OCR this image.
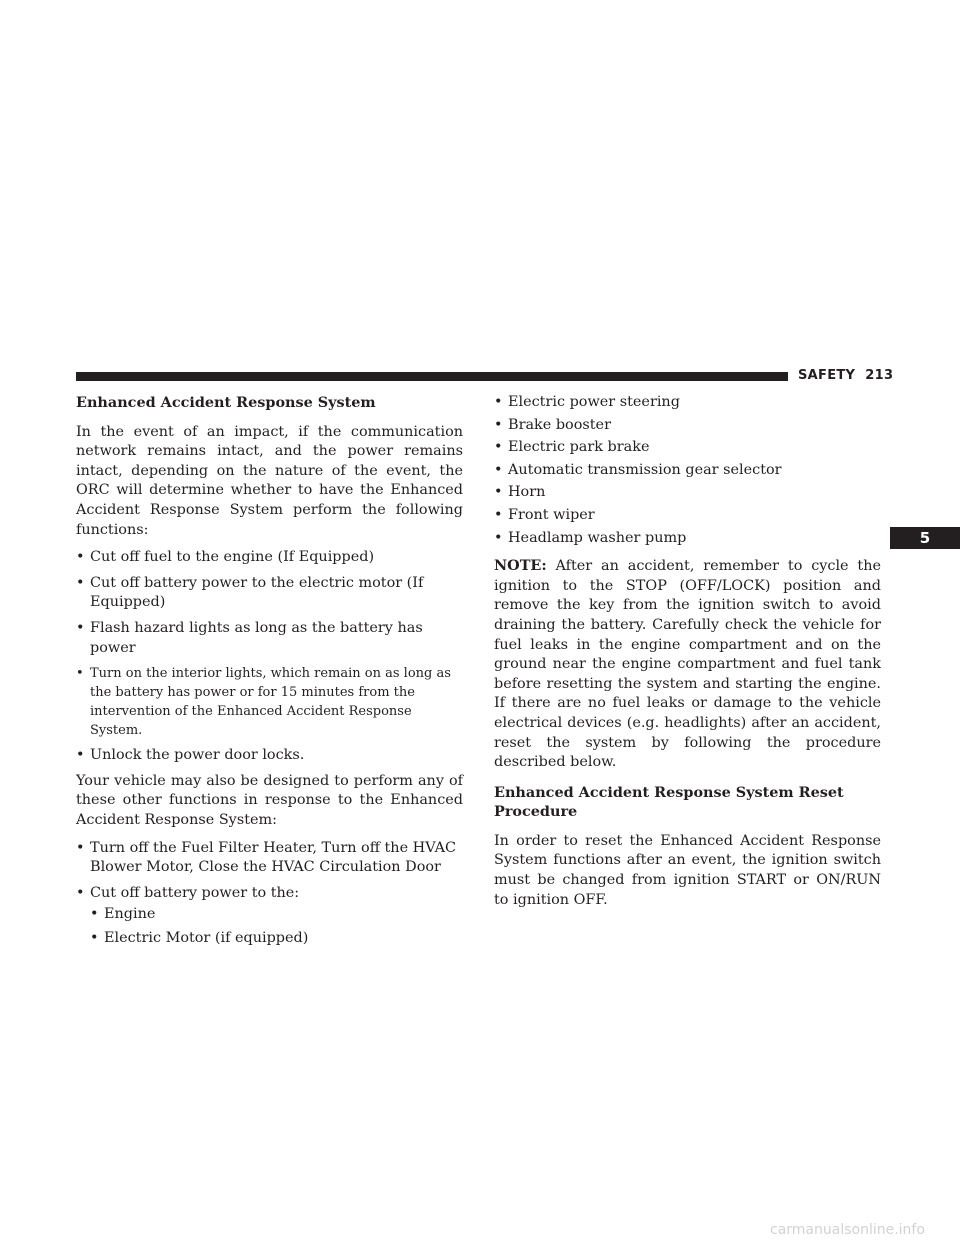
SAFETY 213
5

Enhanced Accident Response System

In the event of an impact, if the communication network remains intact, and the power remains intact, depending on the nature of the event, the ORC will determine whether to have the Enhanced Accident Response System perform the following functions:

• Cut off fuel to the engine (If Equipped)
• Cut off battery power to the electric motor (If Equipped)
• Flash hazard lights as long as the battery has power
• Turn on the interior lights, which remain on as long as the battery has power or for 15 minutes from the intervention of the Enhanced Accident Response System.
• Unlock the power door locks.

Your vehicle may also be designed to perform any of these other functions in response to the Enhanced Accident Response System:

• Turn off the Fuel Filter Heater, Turn off the HVAC Blower Motor, Close the HVAC Circulation Door
• Cut off battery power to the:
• Engine
• Electric Motor (if equipped)
• Electric power steering
• Brake booster
• Electric park brake
• Automatic transmission gear selector
• Horn
• Front wiper
• Headlamp washer pump

NOTE: After an accident, remember to cycle the ignition to the STOP (OFF/LOCK) position and remove the key from the ignition switch to avoid draining the battery. Carefully check the vehicle for fuel leaks in the engine compartment and on the ground near the engine compartment and fuel tank before resetting the system and starting the engine. If there are no fuel leaks or damage to the vehicle electrical devices (e.g. headlights) after an accident, reset the system by following the procedure described below.

Enhanced Accident Response System Reset
Procedure

In order to reset the Enhanced Accident Response System functions after an event, the ignition switch must be changed from ignition START or ON/RUN to ignition OFF.

carmanualsonline.info
